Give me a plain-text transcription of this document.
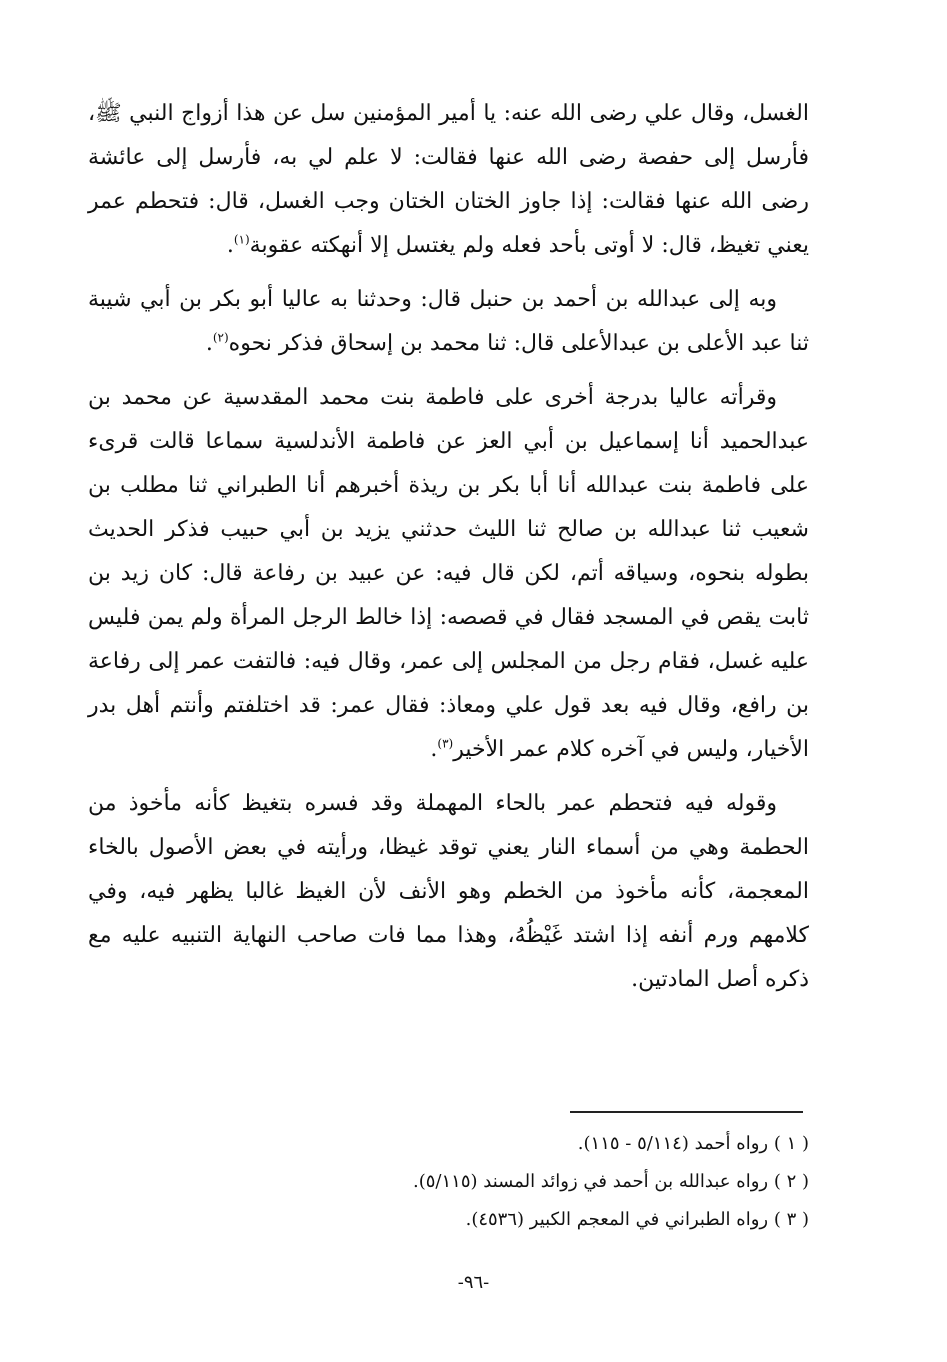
الغسل، وقال علي رضى الله عنه: يا أمير المؤمنين سل عن هذا أزواج النبي ﷺ، فأرسل إلى حفصة رضى الله عنها فقالت: لا علم لي به، فأرسل إلى عائشة رضى الله عنها فقالت: إذا جاوز الختان الختان وجب الغسل، قال: فتحطم عمر يعني تغيظ، قال: لا أوتى بأحد فعله ولم يغتسل إلا أنهكته عقوبة$^{(١)}$.

وبه إلى عبدالله بن أحمد بن حنبل قال: وحدثنا به عاليا أبو بكر بن أبي شيبة ثنا عبد الأعلى بن عبدالأعلى قال: ثنا محمد بن إسحاق فذكر نحوه$^{(٢)}$.

وقرأته عاليا بدرجة أخرى على فاطمة بنت محمد المقدسية عن محمد بن عبدالحميد أنا إسماعيل بن أبي العز عن فاطمة الأندلسية سماعا قالت قرىء على فاطمة بنت عبدالله أنا أبا بكر بن ريذة أخبرهم أنا الطبراني ثنا مطلب بن شعيب ثنا عبدالله بن صالح ثنا الليث حدثني يزيد بن أبي حبيب فذكر الحديث بطوله بنحوه، وسياقه أتم، لكن قال فيه: عن عبيد بن رفاعة قال: كان زيد بن ثابت يقص في المسجد فقال في قصصه: إذا خالط الرجل المرأة ولم يمن فليس عليه غسل، فقام رجل من المجلس إلى عمر، وقال فيه: فالتفت عمر إلى رفاعة بن رافع، وقال فيه بعد قول علي ومعاذ: فقال عمر: قد اختلفتم وأنتم أهل بدر الأخيار، وليس في آخره كلام عمر الأخير$^{(٣)}$.

وقوله فيه فتحطم عمر بالحاء المهملة وقد فسره بتغيظ كأنه مأخوذ من الحطمة وهي من أسماء النار يعني توقد غيظا، ورأيته في بعض الأصول بالخاء المعجمة، كأنه مأخوذ من الخطم وهو الأنف لأن الغيظ غالبا يظهر فيه، وفي كلامهم ورم أنفه إذا اشتد غَيْظُهُ، وهذا مما فات صاحب النهاية التنبيه عليه مع ذكره أصل المادتين.

( ١ ) رواه أحمد (٥/١١٤ - ١١٥).

( ٢ ) رواه عبدالله بن أحمد في زوائد المسند (٥/١١٥).

( ٣ ) رواه الطبراني في المعجم الكبير (٤٥٣٦).

-٩٦-
